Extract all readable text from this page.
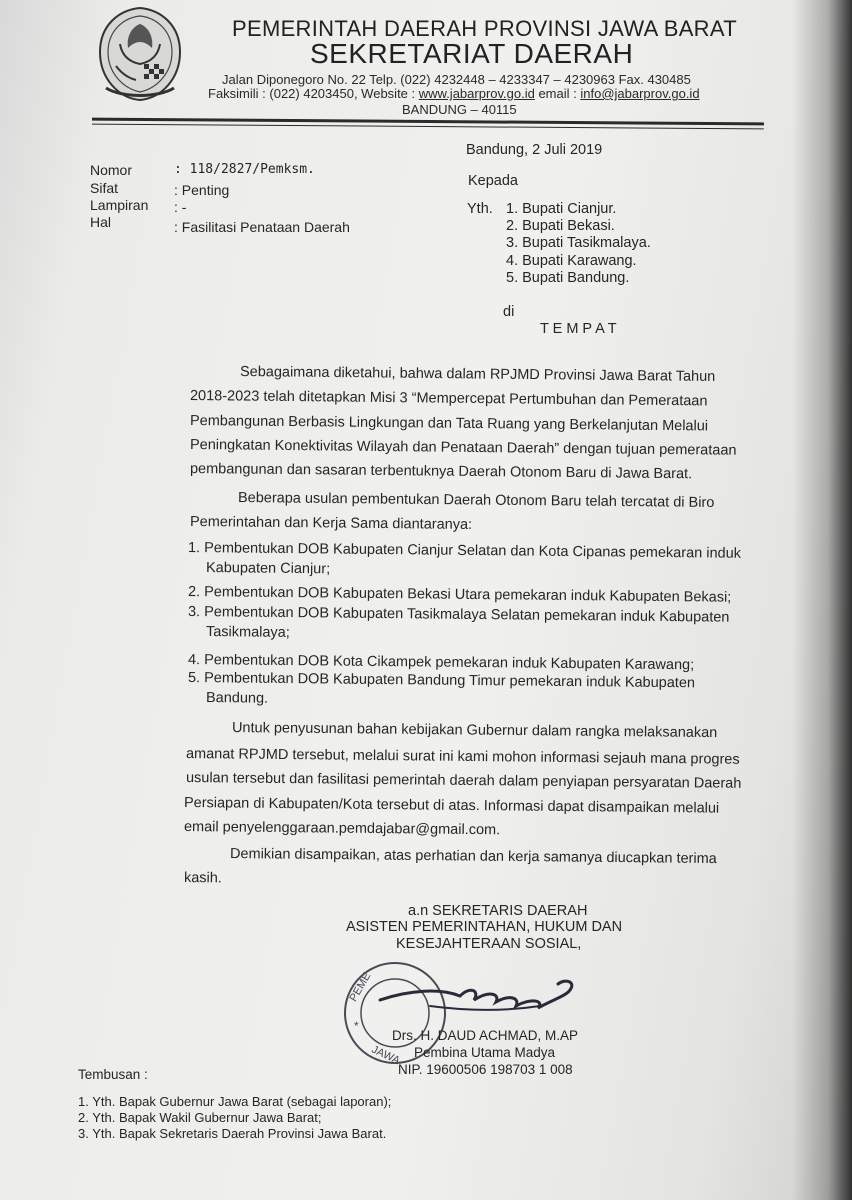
PEMERINTAH DAERAH PROVINSI JAWA BARAT
SEKRETARIAT DAERAH
Jalan Diponegoro No. 22 Telp. (022) 4232448 – 4233347 – 4230963 Fax. 430485
Faksimili : (022) 4203450, Website : www.jabarprov.go.id email : info@jabarprov.go.id
BANDUNG – 40115
Bandung, 2 Juli 2019
Kepada
Yth. 1. Bupati Cianjur.
2. Bupati Bekasi.
3. Bupati Tasikmalaya.
4. Bupati Karawang.
5. Bupati Bandung.
di
T E M P A T
Nomor	: 118/2827/Pemksm.
Sifat	: Penting
Lampiran : -
Hal	: Fasilitasi Penataan Daerah
Sebagaimana diketahui, bahwa dalam RPJMD Provinsi Jawa Barat Tahun
2018-2023 telah ditetapkan Misi 3 “Mempercepat Pertumbuhan dan Pemerataan
Pembangunan Berbasis Lingkungan dan Tata Ruang yang Berkelanjutan Melalui
Peningkatan Konektivitas Wilayah dan Penataan Daerah” dengan tujuan pemerataan
pembangunan dan sasaran terbentuknya Daerah Otonom Baru di Jawa Barat.
Beberapa usulan pembentukan Daerah Otonom Baru telah tercatat di Biro
Pemerintahan dan Kerja Sama diantaranya:
1. Pembentukan DOB Kabupaten Cianjur Selatan dan Kota Cipanas pemekaran induk
Kabupaten Cianjur;
2. Pembentukan DOB Kabupaten Bekasi Utara pemekaran induk Kabupaten Bekasi;
3. Pembentukan DOB Kabupaten Tasikmalaya Selatan pemekaran induk Kabupaten
Tasikmalaya;
4. Pembentukan DOB Kota Cikampek pemekaran induk Kabupaten Karawang;
5. Pembentukan DOB Kabupaten Bandung Timur pemekaran induk Kabupaten
Bandung.
Untuk penyusunan bahan kebijakan Gubernur dalam rangka melaksanakan
amanat RPJMD tersebut, melalui surat ini kami mohon informasi sejauh mana progres
usulan tersebut dan fasilitasi pemerintah daerah dalam penyiapan persyaratan Daerah
Persiapan di Kabupaten/Kota tersebut di atas. Informasi dapat disampaikan melalui
email penyelenggaraan.pemdajabar@gmail.com.
Demikian disampaikan, atas perhatian dan kerja samanya diucapkan terima
kasih.
a.n SEKRETARIS DAERAH
ASISTEN PEMERINTAHAN, HUKUM DAN
KESEJAHTERAAN SOSIAL,
PEME
JAWA
*
Drs. H. DAUD ACHMAD, M.AP
Pembina Utama Madya
NIP. 19600506 198703 1 008
Tembusan :
1. Yth. Bapak Gubernur Jawa Barat (sebagai laporan);
2. Yth. Bapak Wakil Gubernur Jawa Barat;
3. Yth. Bapak Sekretaris Daerah Provinsi Jawa Barat.
